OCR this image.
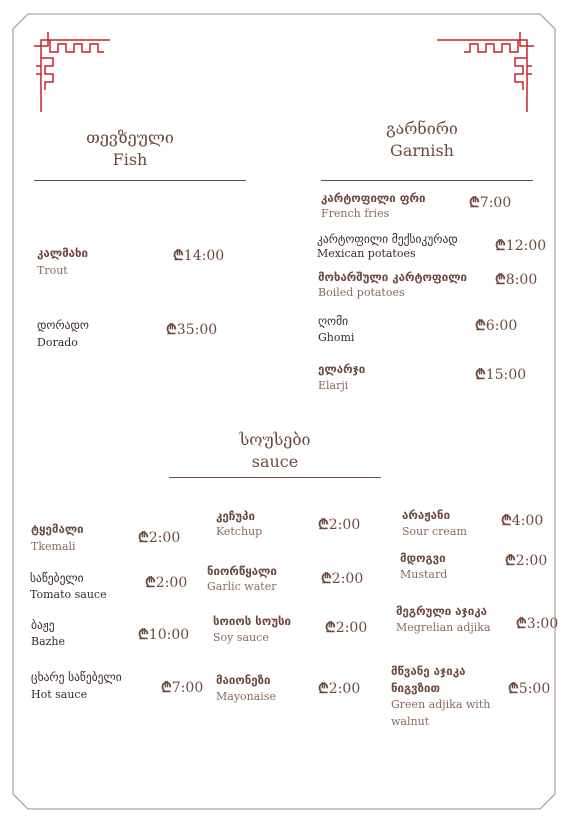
თევზეული
Fish
გარნირი
Garnish
სოუსები
sauce
კალმახი
Trout
₾14:00
დორადო
Dorado
₾35:00
კარტოფილი ფრი
French fries
₾7:00
კარტოფილი მექსიკურად
Mexican potatoes	₾12:00
მოხარშული კარტოფილი
Boiled potatoes
₾8:00
ღომი
Ghomi
₾6:00
ელარჯი
Elarji
₾15:00
ტყემალი
Tkemali
₾2:00
საწებელი
Tomato sauce
₾2:00
ბაჟე
Bazhe	₾10:00
ცხარე საწებელი
Hot sauce	₾7:00
კეჩუპი
Ketchup	₾2:00
ნიორწყალი
Garlic water	₾2:00
სოიოს სოუსი
Soy sauce
₾2:00
მაიონეზი
Mayonaise	₾2:00
არაჟანი
Sour cream
₾4:00
მდოგვი
Mustard
₾2:00
მეგრული აჯიკა
Megrelian adjika ₾3:00
მწვანე აჯიკა
ნიგვზით
Green adjika with
walnut
₾5:00
